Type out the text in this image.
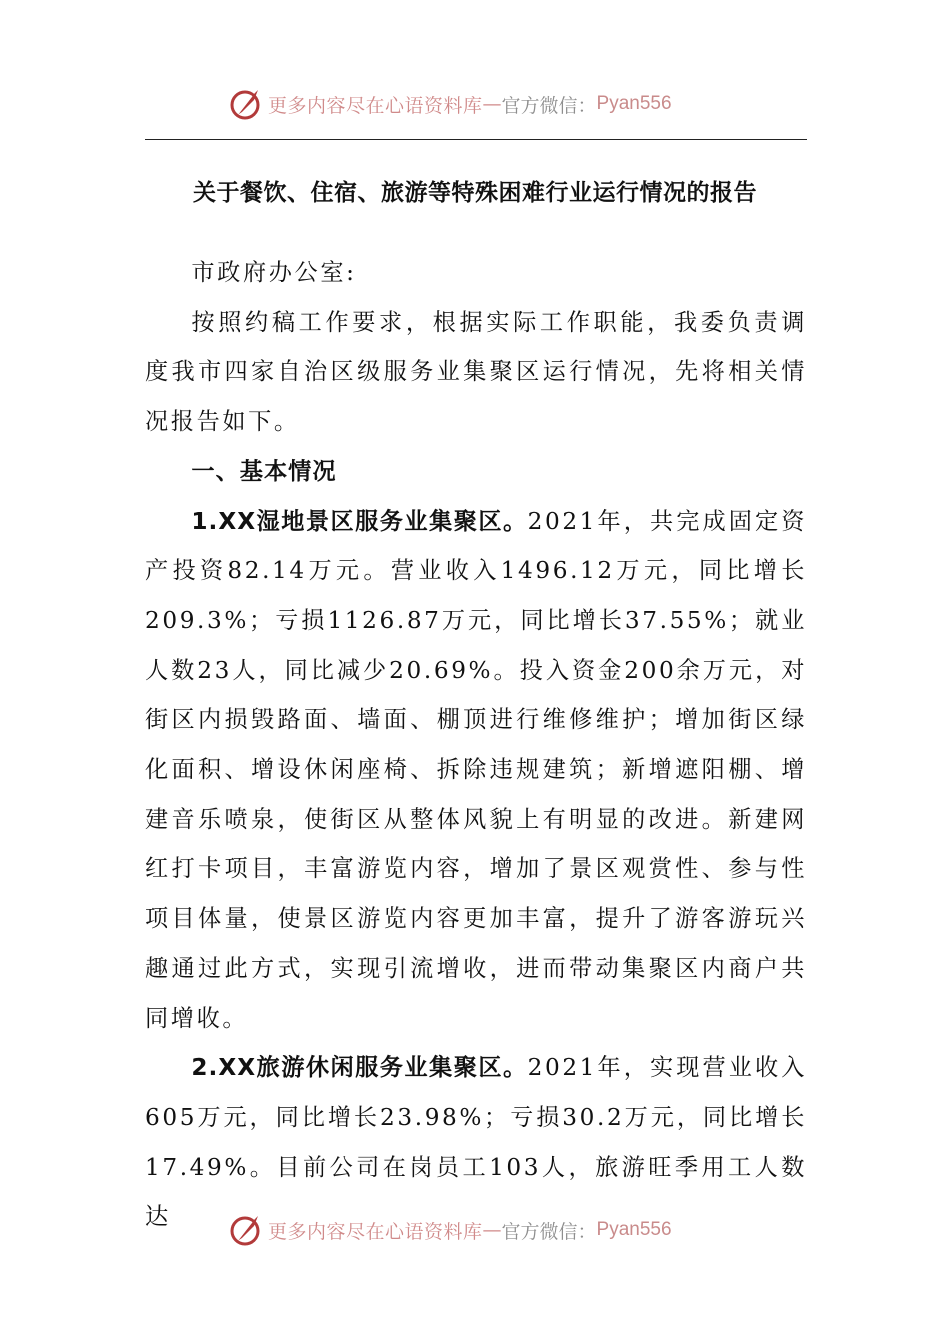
更多内容尽在心语资料库 — 官方微信： Pyan556
关于餐饮、住宿、旅游等特殊困难行业运行情况的报告

市政府办公室:

按照约稿工作要求，根据实际工作职能，我委负责调度我市四家自治区级服务业集聚区运行情况，先将相关情况报告如下。

一、基本情况

1.XX湿地景区服务业集聚区。2021年，共完成固定资产投资82.14万元。营业收入1496.12万元，同比增长209.3%；亏损1126.87万元，同比增长37.55%；就业人数23人，同比减少20.69%。投入资金200余万元，对街区内损毁路面、墙面、棚顶进行维修维护；增加街区绿化面积、增设休闲座椅、拆除违规建筑；新增遮阳棚、增建音乐喷泉，使街区从整体风貌上有明显的改进。新建网红打卡项目，丰富游览内容，增加了景区观赏性、参与性项目体量，使景区游览内容更加丰富，提升了游客游玩兴趣通过此方式，实现引流增收，进而带动集聚区内商户共同增收。

2.XX旅游休闲服务业集聚区。2021年，实现营业收入605万元，同比增长23.98%；亏损30.2万元，同比增长17.49%。目前公司在岗员工103人，旅游旺季用工人数达

更多内容尽在心语资料库 — 官方微信： Pyan556
